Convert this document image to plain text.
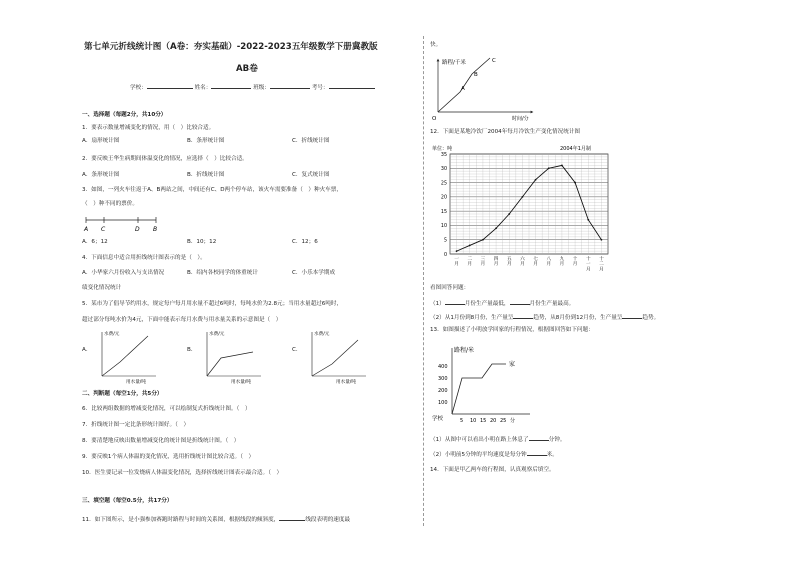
第七单元折线统计图（A卷：夯实基础）-2022-2023五年级数学下册冀教版
AB卷
学校：	姓名：	班级：	考号：
一、选择题（每题2分，共10分）
1．要表示数量增减变化的情况，用（　）比较合适。
A．扇形统计图	B．条形统计图	C．折线统计图
2．要反映王华生病期间体温变化的情况，应选择（　）比较合适。
A．条形统计图	B．折线统计图	C．复式统计图
3．如图，一列火车往返于A、B两站之间，中间还有C、D两个停车站，该火车需要准备（　）种火车票，
（　）种不同的票价。
A C	D B
A．6；12	B．10；12	C．12；6
4．下面信息中适合用折线统计图表示的是（　）。
A．小华家六月份收入与支出情况	B．绍内各校同学的体重统计	C．小乐本学期成
绩变化情况统计
5．某市为了倡导节约用水，规定每户每月用水量不超过6吨时，每吨水价为2.8元；当用水量超过6吨时，
超过部分每吨水价为4元，下面中能表示每月水费与用水量关系的示意图是（　）
A．
水费/元
用水量/吨
B．
水费/元
用水量/吨
C．
水费/元
用水量/吨
二、判断题（每空1分，共5分）
6．比较两组数据的增减变化情况，可以绘制复式折线统计图。（　）
7．折线统计图一定比条形统计图好。（　）
8．要清楚地反映出数量增减变化的统计图是折线统计图。（　）
9．要反映1个病人体温的变化情况，选用折线统计图比较合适。（　）
10．医生要记录一位发烧病人体温变化情况，选择折线统计图表示最合适。（　）
三、填空题（每空0.5分，共17分）
11．如下图所示，是小强参加赛跑时路程与时间的关系图，根据线段的倾斜度，	线段表明的速度最
快。
路程/千米
时间/分
O
A
B
C
12．下面是某地冷饮厂2004年每月冷饮生产变化情况统计图
单位：吨	2004年1月制
0
5
10
15
20
25
30
35
一
月
二
月
三
月
四
月
五
月
六
月
七
月
八
月
九
月
十
月
十
一
月
十
二
月
看图回答问题：
（1）	月份生产量最低，	月份生产量最高。
（2）从1月份到8月份，生产量呈	趋势，从8月份到12月份，生产量呈	趋势。
13．如图描述了小明放学回家的行程情况，根据图回答如下问题：
路程/米
家
学校
100
200
300
400
5 10 15 20 25 分
（1）从图中可以看出小明在路上休息了	分钟。
（2）小明前5分钟的平均速度是每分钟	米。
14．下面是甲乙两车的行程图，认真观察后填空。
